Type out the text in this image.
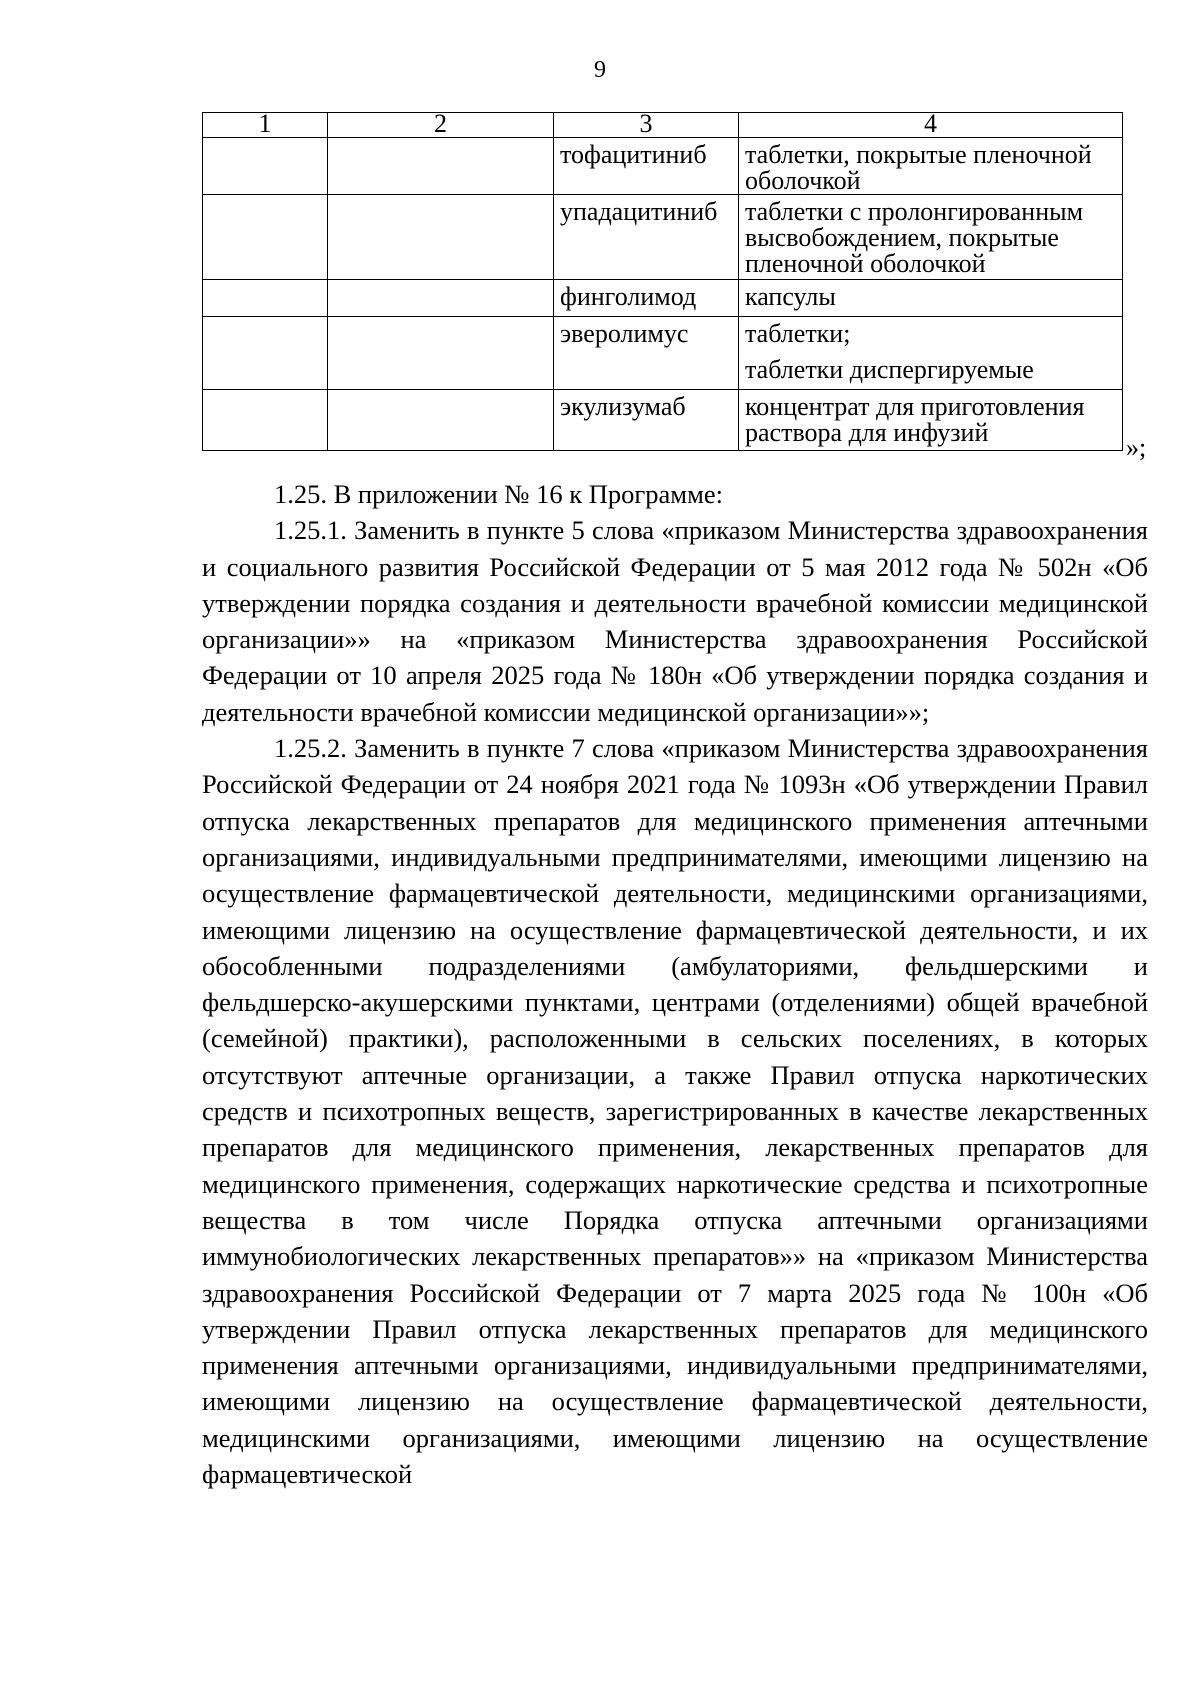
9
1	2	3	4
		тофацитиниб	таблетки, покрытые пленочной оболочкой
		упадацитиниб	таблетки с пролонгированным высвобождением, покрытые пленочной оболочкой
		финголимод	капсулы
		эверолимус	таблетки;
таблетки диспергируемые

		экулизумаб	концентрат для приготовления раствора для инфузий
»;

1.25. В приложении № 16 к Программе:

1.25.1. Заменить в пункте 5 слова «приказом Министерства здравоохранения и социального развития Российской Федерации от 5 мая 2012 года № 502н «Об утверждении порядка создания и деятельности врачебной комиссии медицинской организации»» на «приказом Министерства здравоохранения Российской Федерации от 10 апреля 2025 года № 180н «Об утверждении порядка создания и деятельности врачебной комиссии медицинской организации»»;

1.25.2. Заменить в пункте 7 слова «приказом Министерства здравоохранения Российской Федерации от 24 ноября 2021 года № 1093н «Об утверждении Правил отпуска лекарственных препаратов для медицинского применения аптечными организациями, индивидуальными предпринимателями, имеющими лицензию на осуществление фармацевтической деятельности, медицинскими организациями, имеющими лицензию на осуществление фармацевтической деятельности, и их обособленными подразделениями (амбулаториями, фельдшерскими и фельдшерско-акушерскими пунктами, центрами (отделениями) общей врачебной (семейной) практики), расположенными в сельских поселениях, в которых отсутствуют аптечные организации, а также Правил отпуска наркотических средств и психотропных веществ, зарегистрированных в качестве лекарственных препаратов для медицинского применения, лекарственных препаратов для медицинского применения, содержащих наркотические средства и психотропные вещества в том числе Порядка отпуска аптечными организациями иммунобиологических лекарственных препаратов»» на «приказом Министерства здравоохранения Российской Федерации от 7 марта 2025 года № 100н «Об утверждении Правил отпуска лекарственных препаратов для медицинского применения аптечными организациями, индивидуальными предпринимателями, имеющими лицензию на осуществление фармацевтической деятельности, медицинскими организациями, имеющими лицензию на осуществление фармацевтической
